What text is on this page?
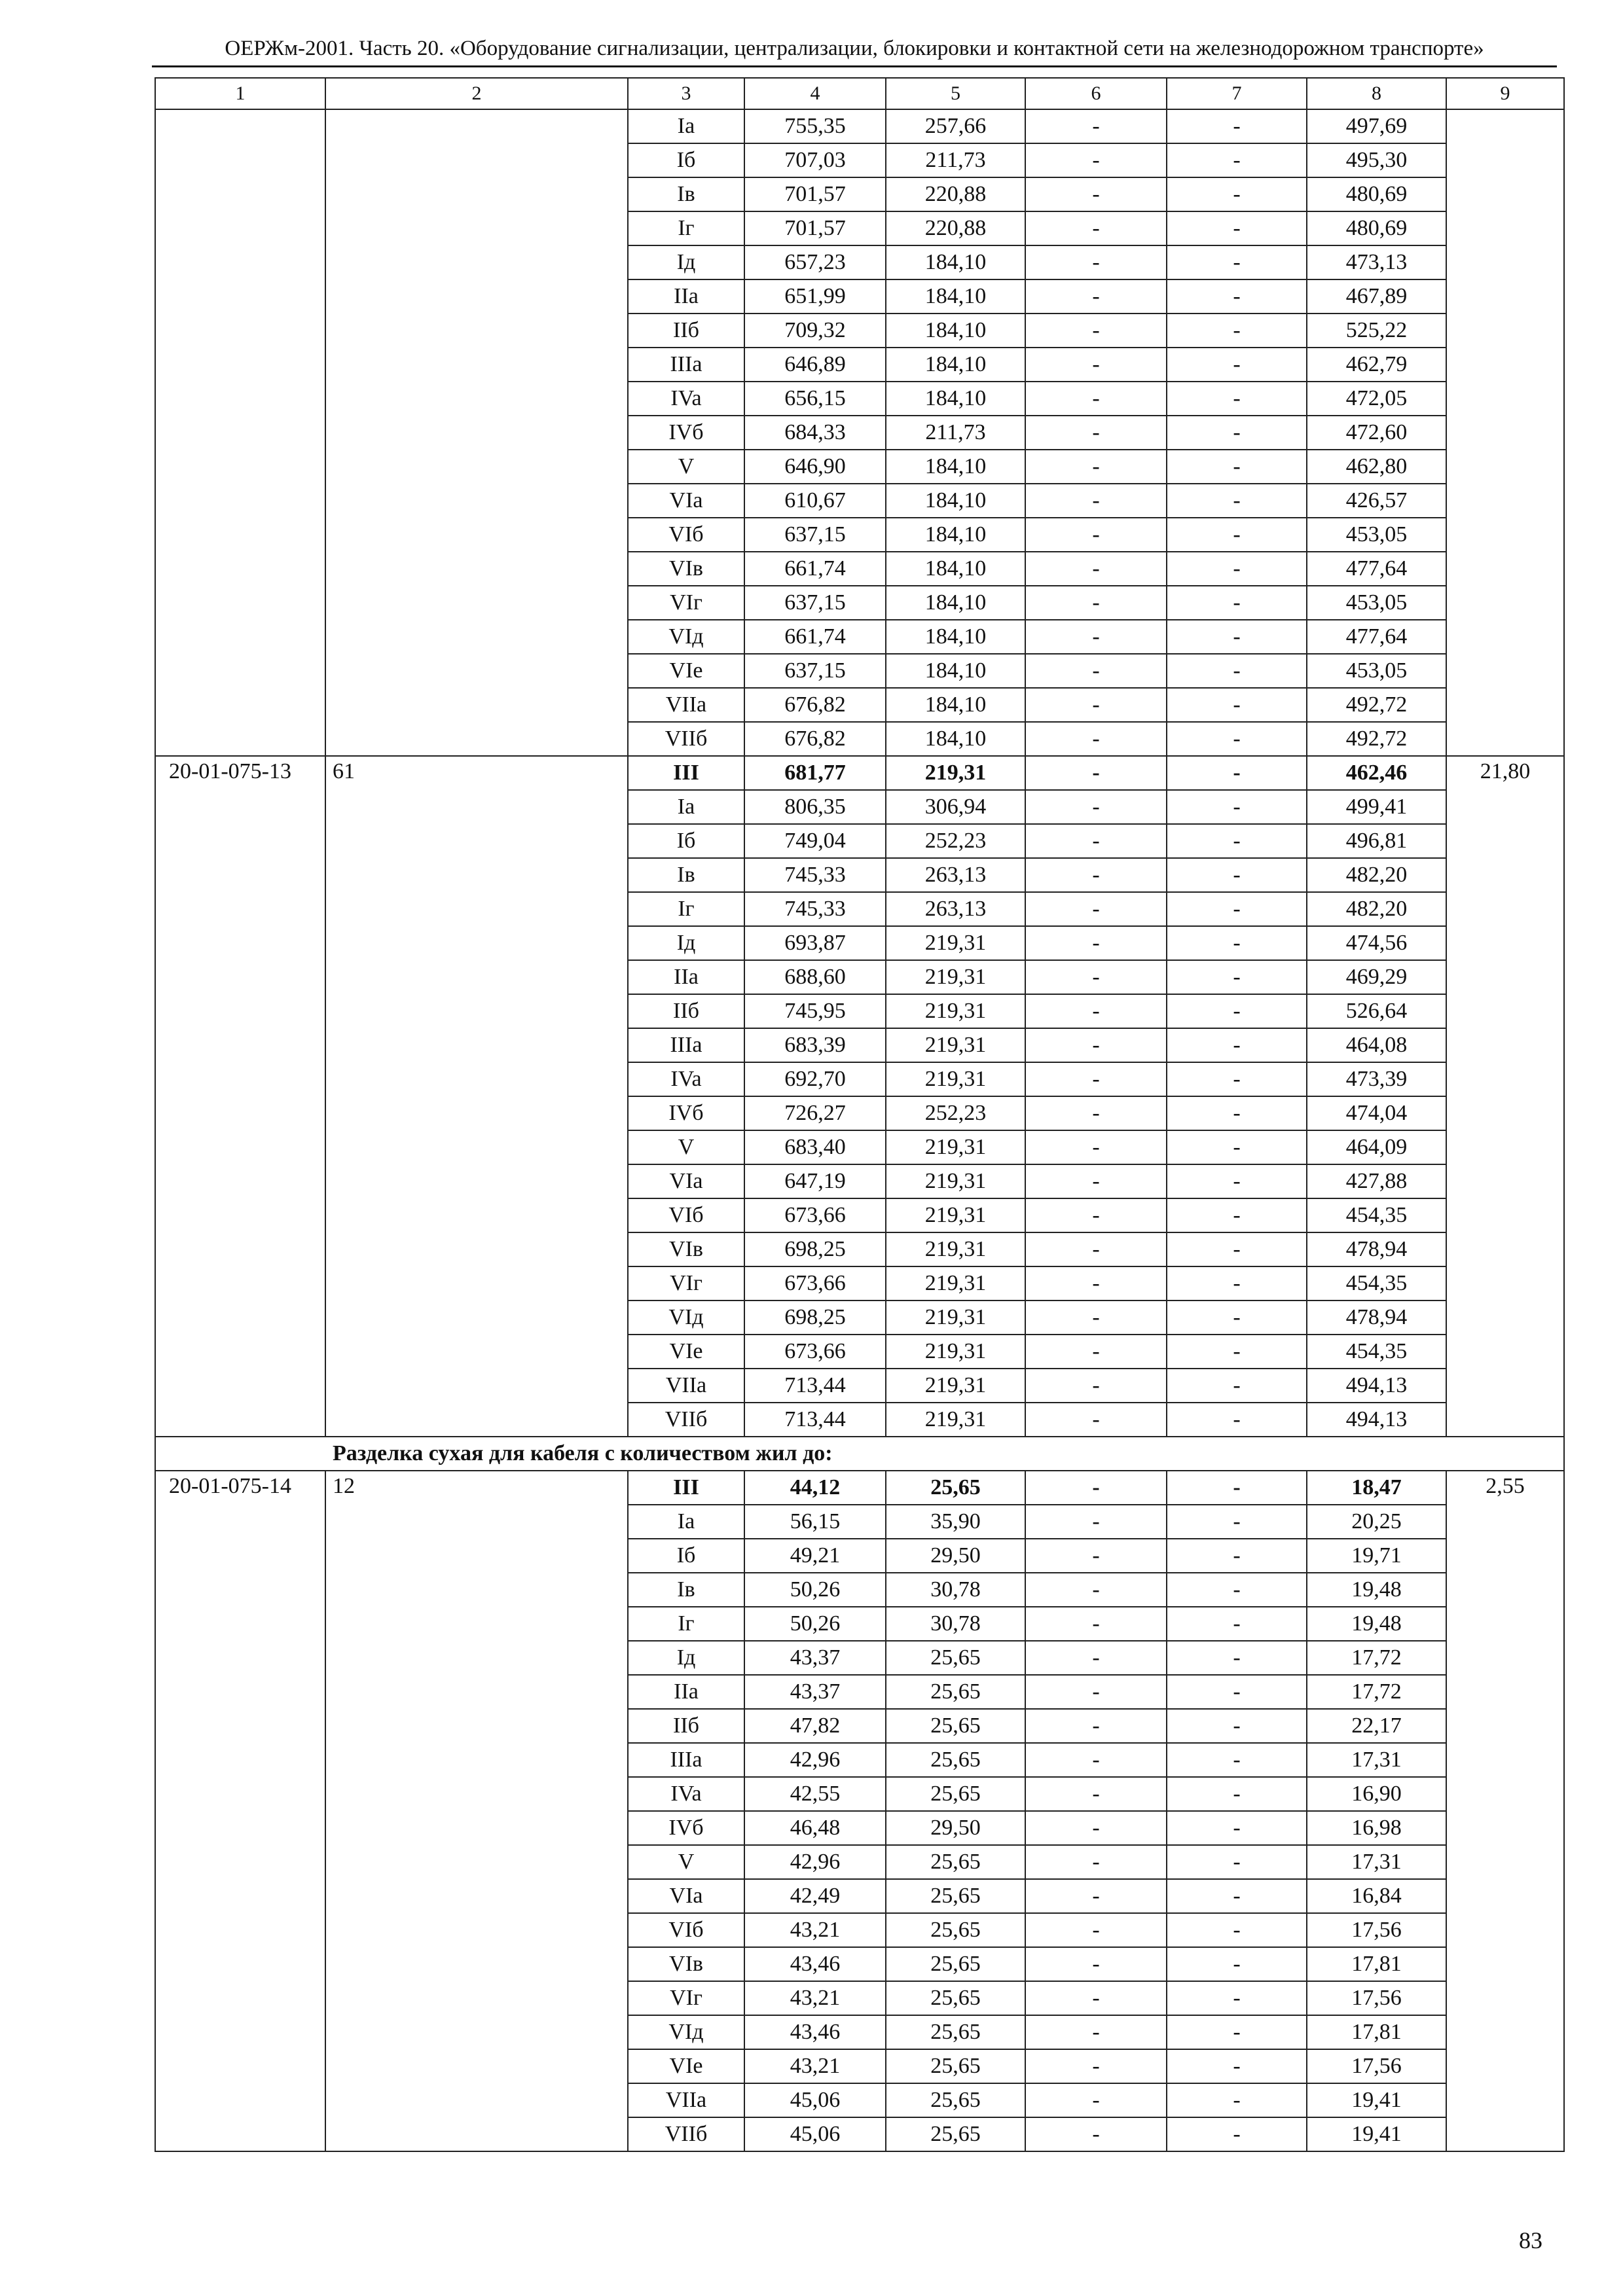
ОЕРЖм-2001. Часть 20. «Оборудование сигнализации, централизации, блокировки и контактной сети на железнодорожном транспорте»
1	2	3	4	5	6	7	8	9
		Ia	755,35	257,66	-	-	497,69	
		Iб	707,03	211,73	-	-	495,30	
		Iв	701,57	220,88	-	-	480,69	
		Iг	701,57	220,88	-	-	480,69	
		Iд	657,23	184,10	-	-	473,13	
		IIa	651,99	184,10	-	-	467,89	
		IIб	709,32	184,10	-	-	525,22	
		IIIa	646,89	184,10	-	-	462,79	
		IVa	656,15	184,10	-	-	472,05	
		IVб	684,33	211,73	-	-	472,60	
		V	646,90	184,10	-	-	462,80	
		VIa	610,67	184,10	-	-	426,57	
		VIб	637,15	184,10	-	-	453,05	
		VIв	661,74	184,10	-	-	477,64	
		VIг	637,15	184,10	-	-	453,05	
		VIд	661,74	184,10	-	-	477,64	
		VIe	637,15	184,10	-	-	453,05	
		VIIa	676,82	184,10	-	-	492,72	
		VIIб	676,82	184,10	-	-	492,72	
20-01-075-13	61	III	681,77	219,31	-	-	462,46	21,80
		Ia	806,35	306,94	-	-	499,41	
		Iб	749,04	252,23	-	-	496,81	
		Iв	745,33	263,13	-	-	482,20	
		Iг	745,33	263,13	-	-	482,20	
		Iд	693,87	219,31	-	-	474,56	
		IIa	688,60	219,31	-	-	469,29	
		IIб	745,95	219,31	-	-	526,64	
		IIIa	683,39	219,31	-	-	464,08	
		IVa	692,70	219,31	-	-	473,39	
		IVб	726,27	252,23	-	-	474,04	
		V	683,40	219,31	-	-	464,09	
		VIa	647,19	219,31	-	-	427,88	
		VIб	673,66	219,31	-	-	454,35	
		VIв	698,25	219,31	-	-	478,94	
		VIг	673,66	219,31	-	-	454,35	
		VIд	698,25	219,31	-	-	478,94	
		VIe	673,66	219,31	-	-	454,35	
		VIIa	713,44	219,31	-	-	494,13	
		VIIб	713,44	219,31	-	-	494,13	
Разделка сухая для кабеля с количеством жил до:								
20-01-075-14	12	III	44,12	25,65	-	-	18,47	2,55
		Ia	56,15	35,90	-	-	20,25	
		Iб	49,21	29,50	-	-	19,71	
		Iв	50,26	30,78	-	-	19,48	
		Iг	50,26	30,78	-	-	19,48	
		Iд	43,37	25,65	-	-	17,72	
		IIa	43,37	25,65	-	-	17,72	
		IIб	47,82	25,65	-	-	22,17	
		IIIa	42,96	25,65	-	-	17,31	
		IVa	42,55	25,65	-	-	16,90	
		IVб	46,48	29,50	-	-	16,98	
		V	42,96	25,65	-	-	17,31	
		VIa	42,49	25,65	-	-	16,84	
		VIб	43,21	25,65	-	-	17,56	
		VIв	43,46	25,65	-	-	17,81	
		VIг	43,21	25,65	-	-	17,56	
		VIд	43,46	25,65	-	-	17,81	
		VIe	43,21	25,65	-	-	17,56	
		VIIa	45,06	25,65	-	-	19,41	
		VIIб	45,06	25,65	-	-	19,41	
83
